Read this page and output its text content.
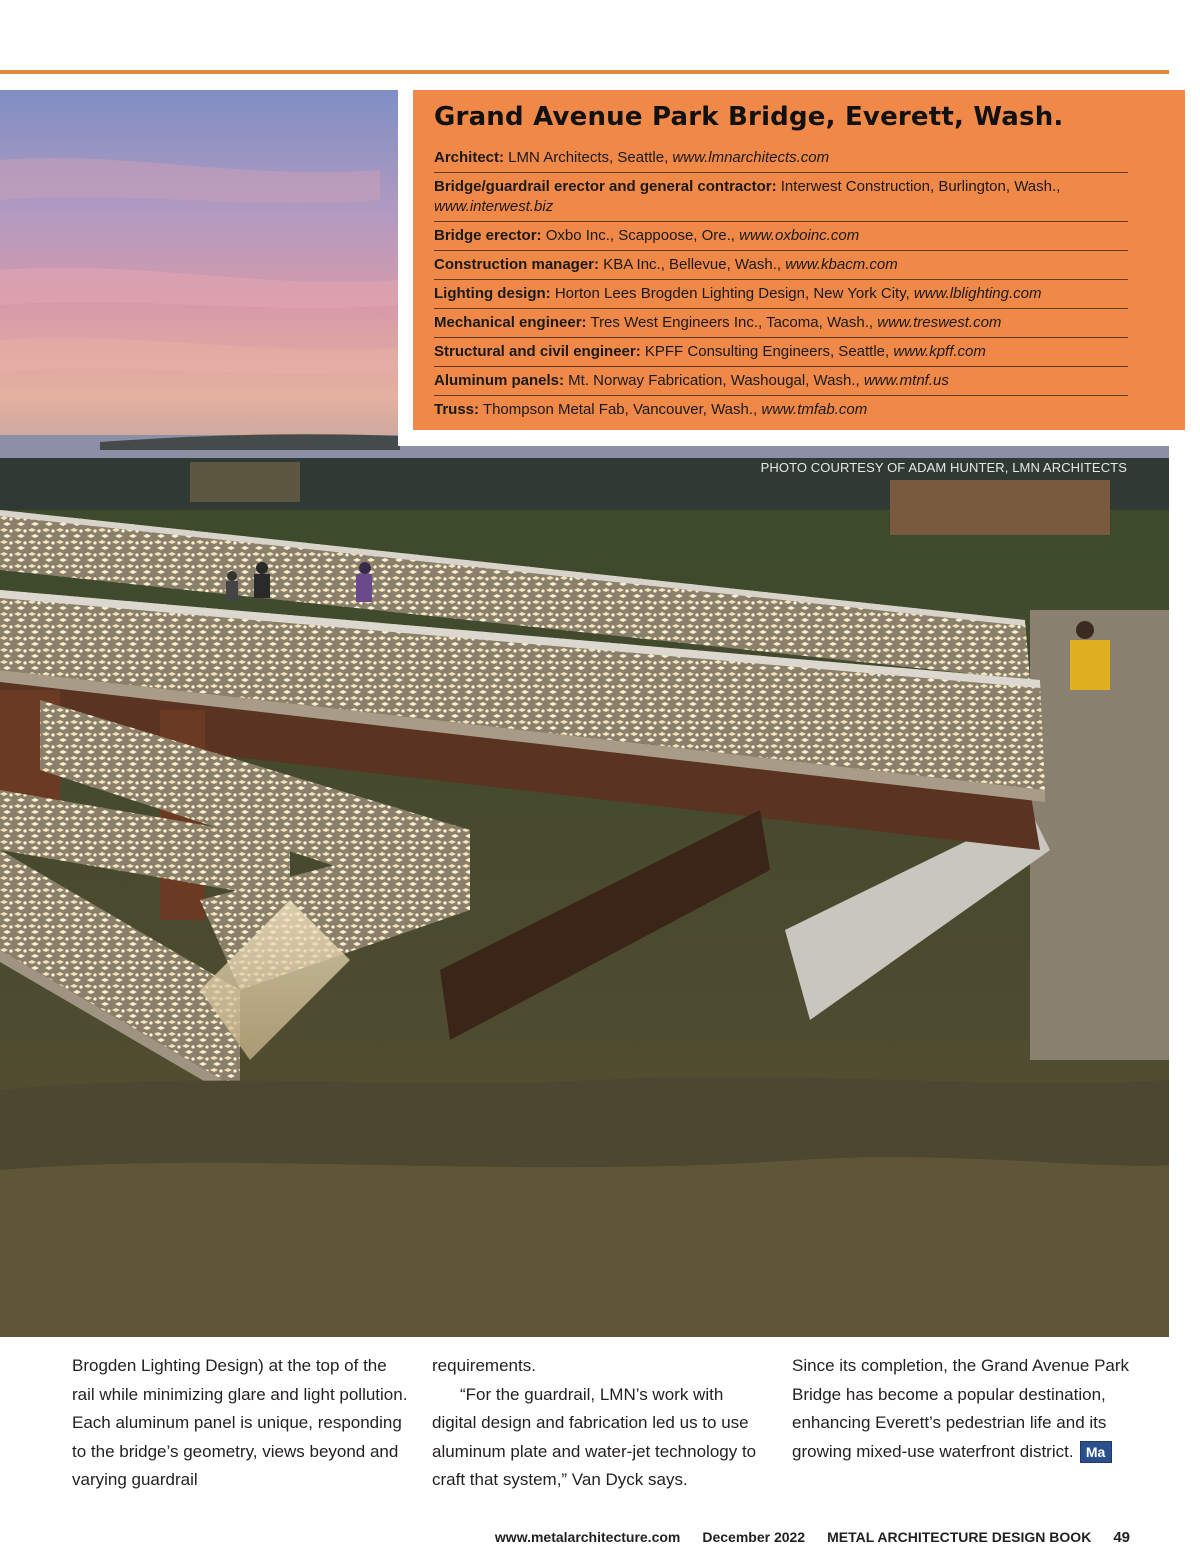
PHOTO COURTESY OF ADAM HUNTER, LMN ARCHITECTS
Grand Avenue Park Bridge, Everett, Wash.
Architect: LMN Architects, Seattle, www.lmnarchitects.com
Bridge/guardrail erector and general contractor: Interwest Construction, Burlington, Wash., www.interwest.biz
Bridge erector: Oxbo Inc., Scappoose, Ore., www.oxboinc.com
Construction manager: KBA Inc., Bellevue, Wash., www.kbacm.com
Lighting design: Horton Lees Brogden Lighting Design, New York City, www.lblighting.com
Mechanical engineer: Tres West Engineers Inc., Tacoma, Wash., www.treswest.com
Structural and civil engineer: KPFF Consulting Engineers, Seattle, www.kpff.com
Aluminum panels: Mt. Norway Fabrication, Washougal, Wash., www.mtnf.us
Truss: Thompson Metal Fab, Vancouver, Wash., www.tmfab.com

Brogden Lighting Design) at the top of the rail while minimizing glare and light pollution. Each aluminum panel is unique, responding to the bridge’s geometry, views beyond and varying guardrail

requirements.

“For the guardrail, LMN’s work with digital design and fabrication led us to use aluminum plate and water-jet technology to craft that system,” Van Dyck says.

Since its completion, the Grand Avenue Park Bridge has become a popular destination, enhancing Everett’s pedestrian life and its growing mixed-use waterfront district. Ma

www.metalarchitecture.com December 2022 METAL ARCHITECTURE DESIGN BOOK 49
